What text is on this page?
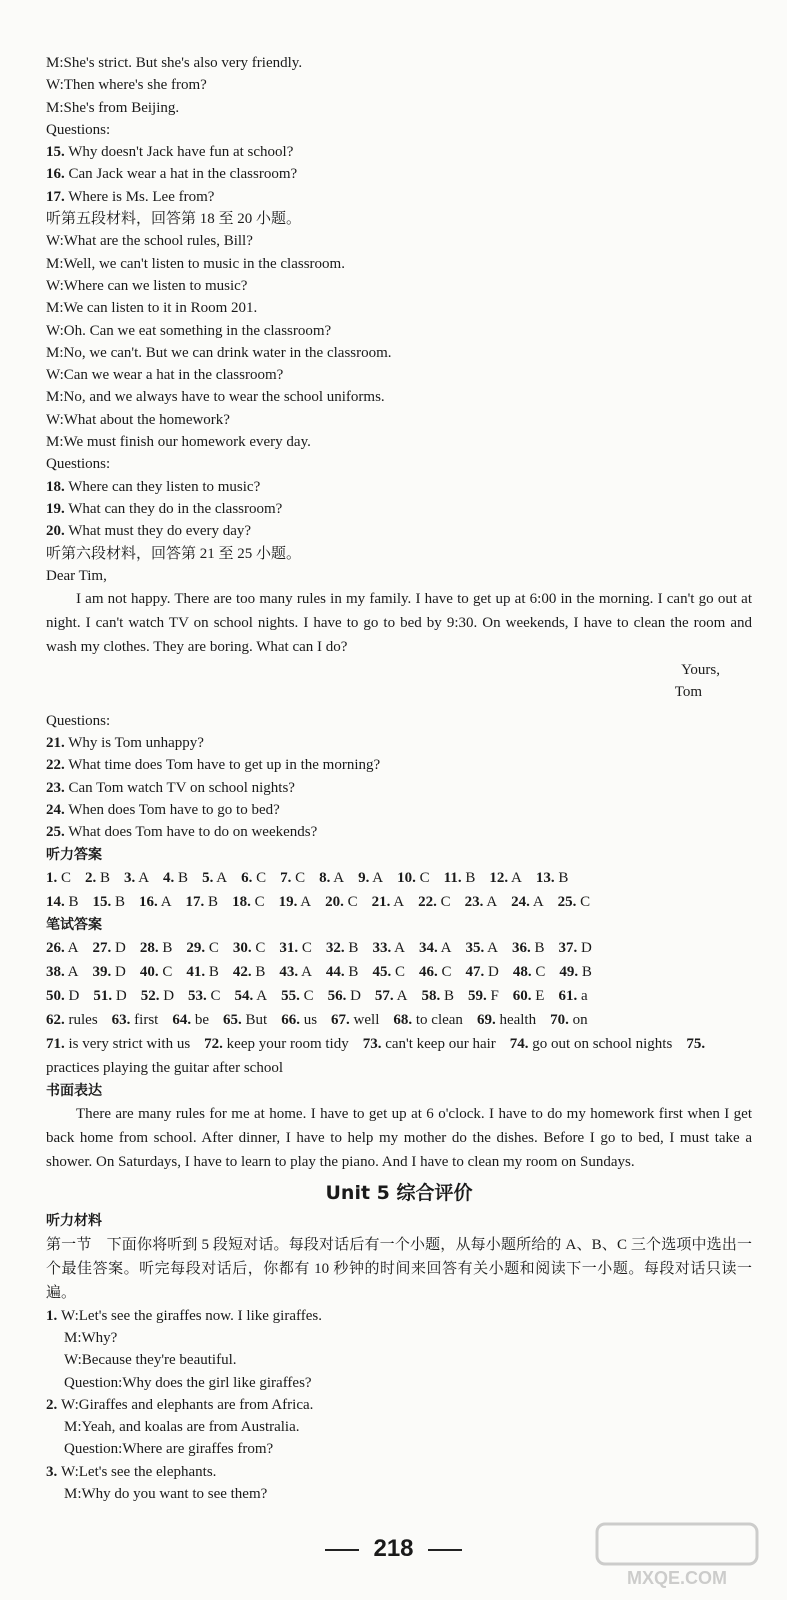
M:She's strict. But she's also very friendly.
W:Then where's she from?
M:She's from Beijing.
Questions:
15. Why doesn't Jack have fun at school?
16. Can Jack wear a hat in the classroom?
17. Where is Ms. Lee from?
听第五段材料，回答第 18 至 20 小题。
W:What are the school rules, Bill?
M:Well, we can't listen to music in the classroom.
W:Where can we listen to music?
M:We can listen to it in Room 201.
W:Oh. Can we eat something in the classroom?
M:No, we can't. But we can drink water in the classroom.
W:Can we wear a hat in the classroom?
M:No, and we always have to wear the school uniforms.
W:What about the homework?
M:We must finish our homework every day.
Questions:
18. Where can they listen to music?
19. What can they do in the classroom?
20. What must they do every day?
听第六段材料，回答第 21 至 25 小题。
Dear Tim,
I am not happy. There are too many rules in my family. I have to get up at 6:00 in the morning. I can't go out at night. I can't watch TV on school nights. I have to go to bed by 9:30. On weekends, I have to clean the room and wash my clothes. They are boring. What can I do?
Yours,
Tom
Questions:
21. Why is Tom unhappy?
22. What time does Tom have to get up in the morning?
23. Can Tom watch TV on school nights?
24. When does Tom have to go to bed?
25. What does Tom have to do on weekends?
听力答案
1. C 2. B 3. A 4. B 5. A 6. C 7. C 8. A 9. A 10. C 11. B 12. A 13. B
14. B 15. B 16. A 17. B 18. C 19. A 20. C 21. A 22. C 23. A 24. A 25. C
笔试答案
26. A 27. D 28. B 29. C 30. C 31. C 32. B 33. A 34. A 35. A 36. B 37. D
38. A 39. D 40. C 41. B 42. B 43. A 44. B 45. C 46. C 47. D 48. C 49. B
50. D 51. D 52. D 53. C 54. A 55. C 56. D 57. A 58. B 59. F 60. E 61. a
62. rules 63. first 64. be 65. But 66. us 67. well 68. to clean 69. health 70. on
71. is very strict with us 72. keep your room tidy 73. can't keep our hair 74. go out on school nights 75. practices playing the guitar after school
书面表达
There are many rules for me at home. I have to get up at 6 o'clock. I have to do my homework first when I get back home from school. After dinner, I have to help my mother do the dishes. Before I go to bed, I must take a shower. On Saturdays, I have to learn to play the piano. And I have to clean my room on Sundays.
Unit 5 综合评价
听力材料
第一节　下面你将听到 5 段短对话。每段对话后有一个小题，从每小题所给的 A、B、C 三个选项中选出一个最佳答案。听完每段对话后，你都有 10 秒钟的时间来回答有关小题和阅读下一小题。每段对话只读一遍。
1. W:Let's see the giraffes now. I like giraffes.
M:Why?
W:Because they're beautiful.
Question:Why does the girl like giraffes?
2. W:Giraffes and elephants are from Africa.
M:Yeah, and koalas are from Australia.
Question:Where are giraffes from?
3. W:Let's see the elephants.
M:Why do you want to see them?
218
MXQE.COM
